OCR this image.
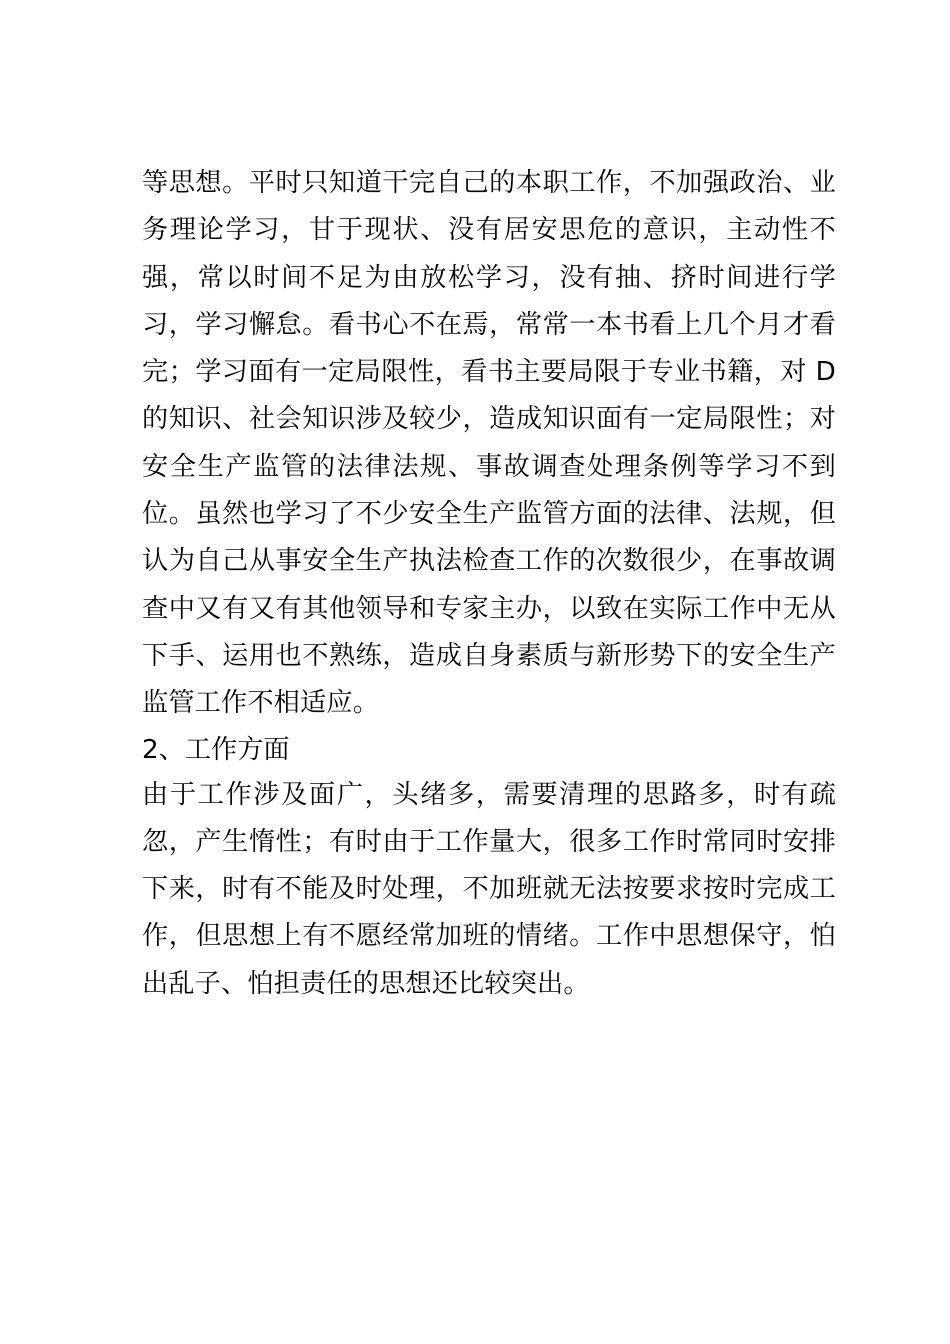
等思想。平时只知道干完自己的本职工作，不加强政治、业务理论学习，甘于现状、没有居安思危的意识，主动性不强，常以时间不足为由放松学习，没有抽、挤时间进行学习，学习懈怠。看书心不在焉，常常一本书看上几个月才看完；学习面有一定局限性，看书主要局限于专业书籍，对 D 的知识、社会知识涉及较少，造成知识面有一定局限性；对安全生产监管的法律法规、事故调查处理条例等学习不到位。虽然也学习了不少安全生产监管方面的法律、法规，但认为自己从事安全生产执法检查工作的次数很少，在事故调查中又有又有其他领导和专家主办，以致在实际工作中无从下手、运用也不熟练，造成自身素质与新形势下的安全生产监管工作不相适应。

2、工作方面

由于工作涉及面广，头绪多，需要清理的思路多，时有疏忽，产生惰性；有时由于工作量大，很多工作时常同时安排下来，时有不能及时处理，不加班就无法按要求按时完成工作，但思想上有不愿经常加班的情绪。工作中思想保守，怕出乱子、怕担责任的思想还比较突出。
